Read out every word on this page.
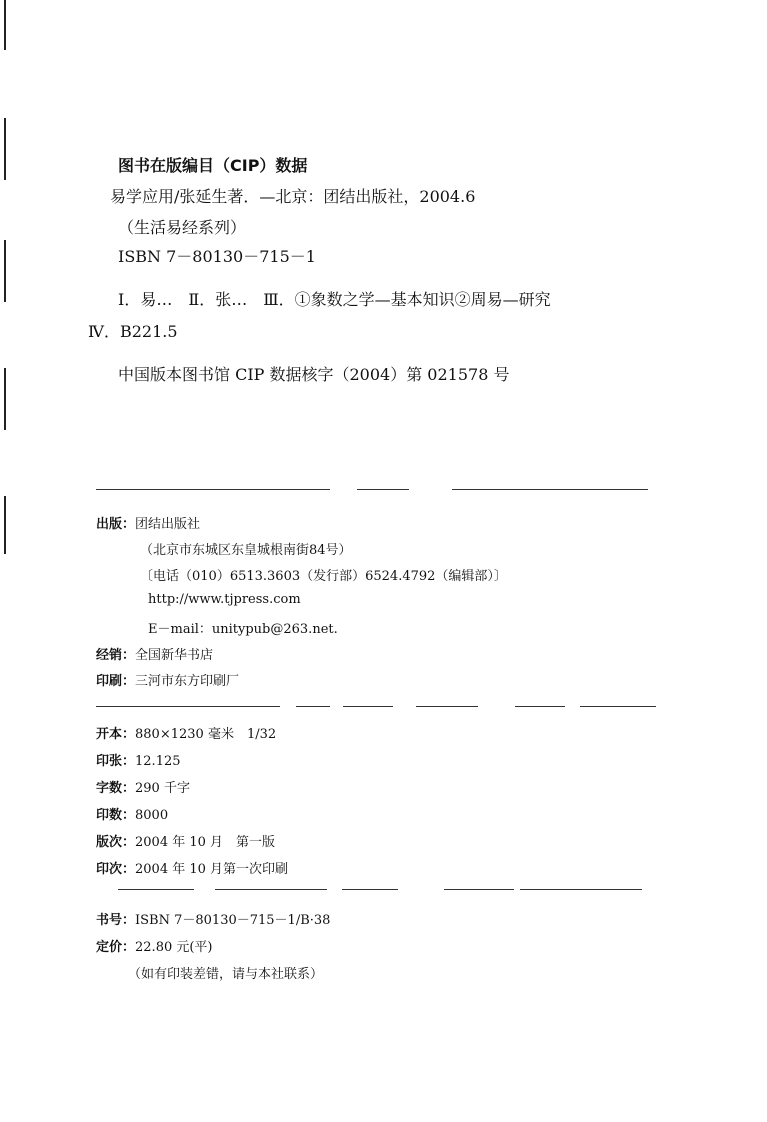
图书在版编目（CIP）数据
易学应用/张延生著．—北京：团结出版社，2004.6
（生活易经系列）
ISBN 7－80130－715－1
Ⅰ．易…　Ⅱ．张…　Ⅲ．①象数之学—基本知识②周易—研究
Ⅳ．B221.5
中国版本图书馆 CIP 数据核字（2004）第 021578 号
出版：团结出版社
（北京市东城区东皇城根南街84号）
〔电话（010）6513.3603（发行部）6524.4792（编辑部）〕
http://www.tjpress.com
E－mail：unitypub@263.net.
经销：全国新华书店
印刷：三河市东方印刷厂
开本：880×1230 毫米　1/32
印张：12.125
字数：290 千字
印数：8000
版次：2004 年 10 月　第一版
印次：2004 年 10 月第一次印刷
书号：ISBN 7－80130－715－1/B·38
定价：22.80 元(平)
（如有印装差错，请与本社联系）
